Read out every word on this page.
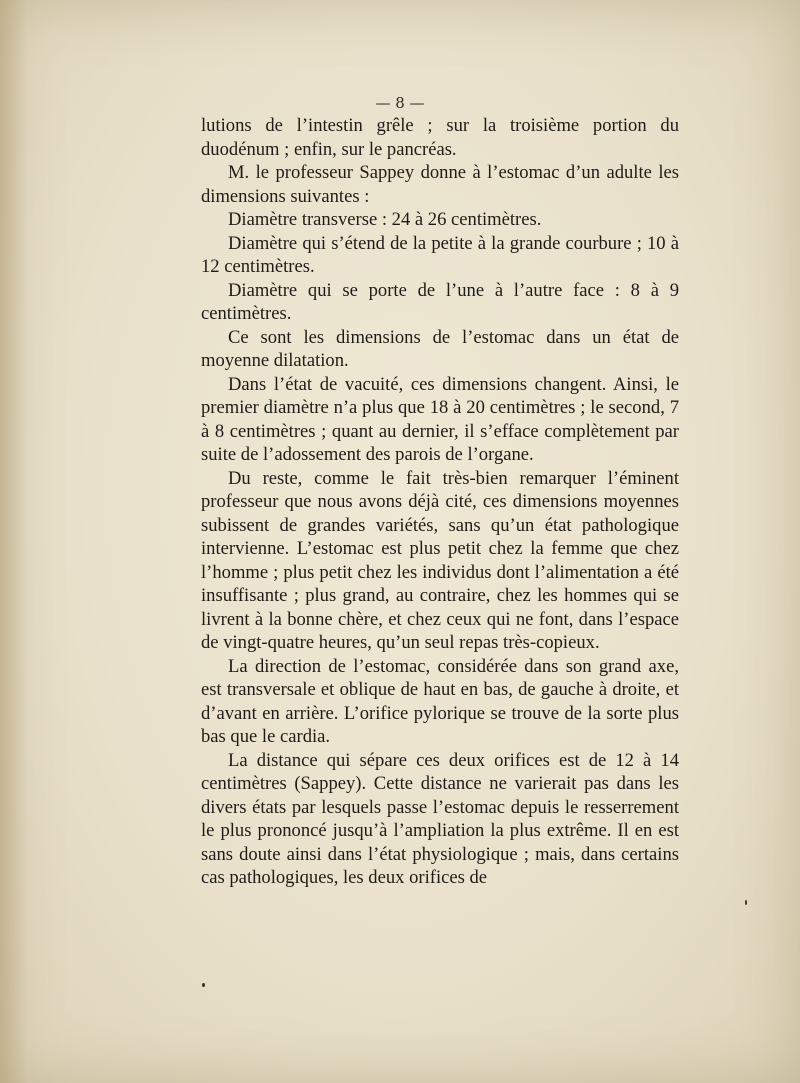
— 8 —

lutions de l’intestin grêle ; sur la troisième portion du duodénum ; enfin, sur le pancréas.

M. le professeur Sappey donne à l’estomac d’un adulte les dimensions suivantes :

Diamètre transverse : 24 à 26 centimètres.

Diamètre qui s’étend de la petite à la grande courbure ; 10 à 12 centimètres.

Diamètre qui se porte de l’une à l’autre face : 8 à 9 centimètres.

Ce sont les dimensions de l’estomac dans un état de moyenne dilatation.

Dans l’état de vacuité, ces dimensions changent. Ainsi, le premier diamètre n’a plus que 18 à 20 centimètres ; le second, 7 à 8 centimètres ; quant au dernier, il s’efface complètement par suite de l’adossement des parois de l’organe.

Du reste, comme le fait très-bien remarquer l’éminent professeur que nous avons déjà cité, ces dimensions moyennes subissent de grandes variétés, sans qu’un état pathologique intervienne. L’estomac est plus petit chez la femme que chez l’homme ; plus petit chez les individus dont l’alimentation a été insuffisante ; plus grand, au contraire, chez les hommes qui se livrent à la bonne chère, et chez ceux qui ne font, dans l’espace de vingt-quatre heures, qu’un seul repas très-copieux.

La direction de l’estomac, considérée dans son grand axe, est transversale et oblique de haut en bas, de gauche à droite, et d’avant en arrière. L’orifice pylorique se trouve de la sorte plus bas que le cardia.

La distance qui sépare ces deux orifices est de 12 à 14 centimètres (Sappey). Cette distance ne varierait pas dans les divers états par lesquels passe l’estomac depuis le resserrement le plus prononcé jusqu’à l’ampliation la plus extrême. Il en est sans doute ainsi dans l’état physiologique ; mais, dans certains cas pathologiques, les deux orifices de
